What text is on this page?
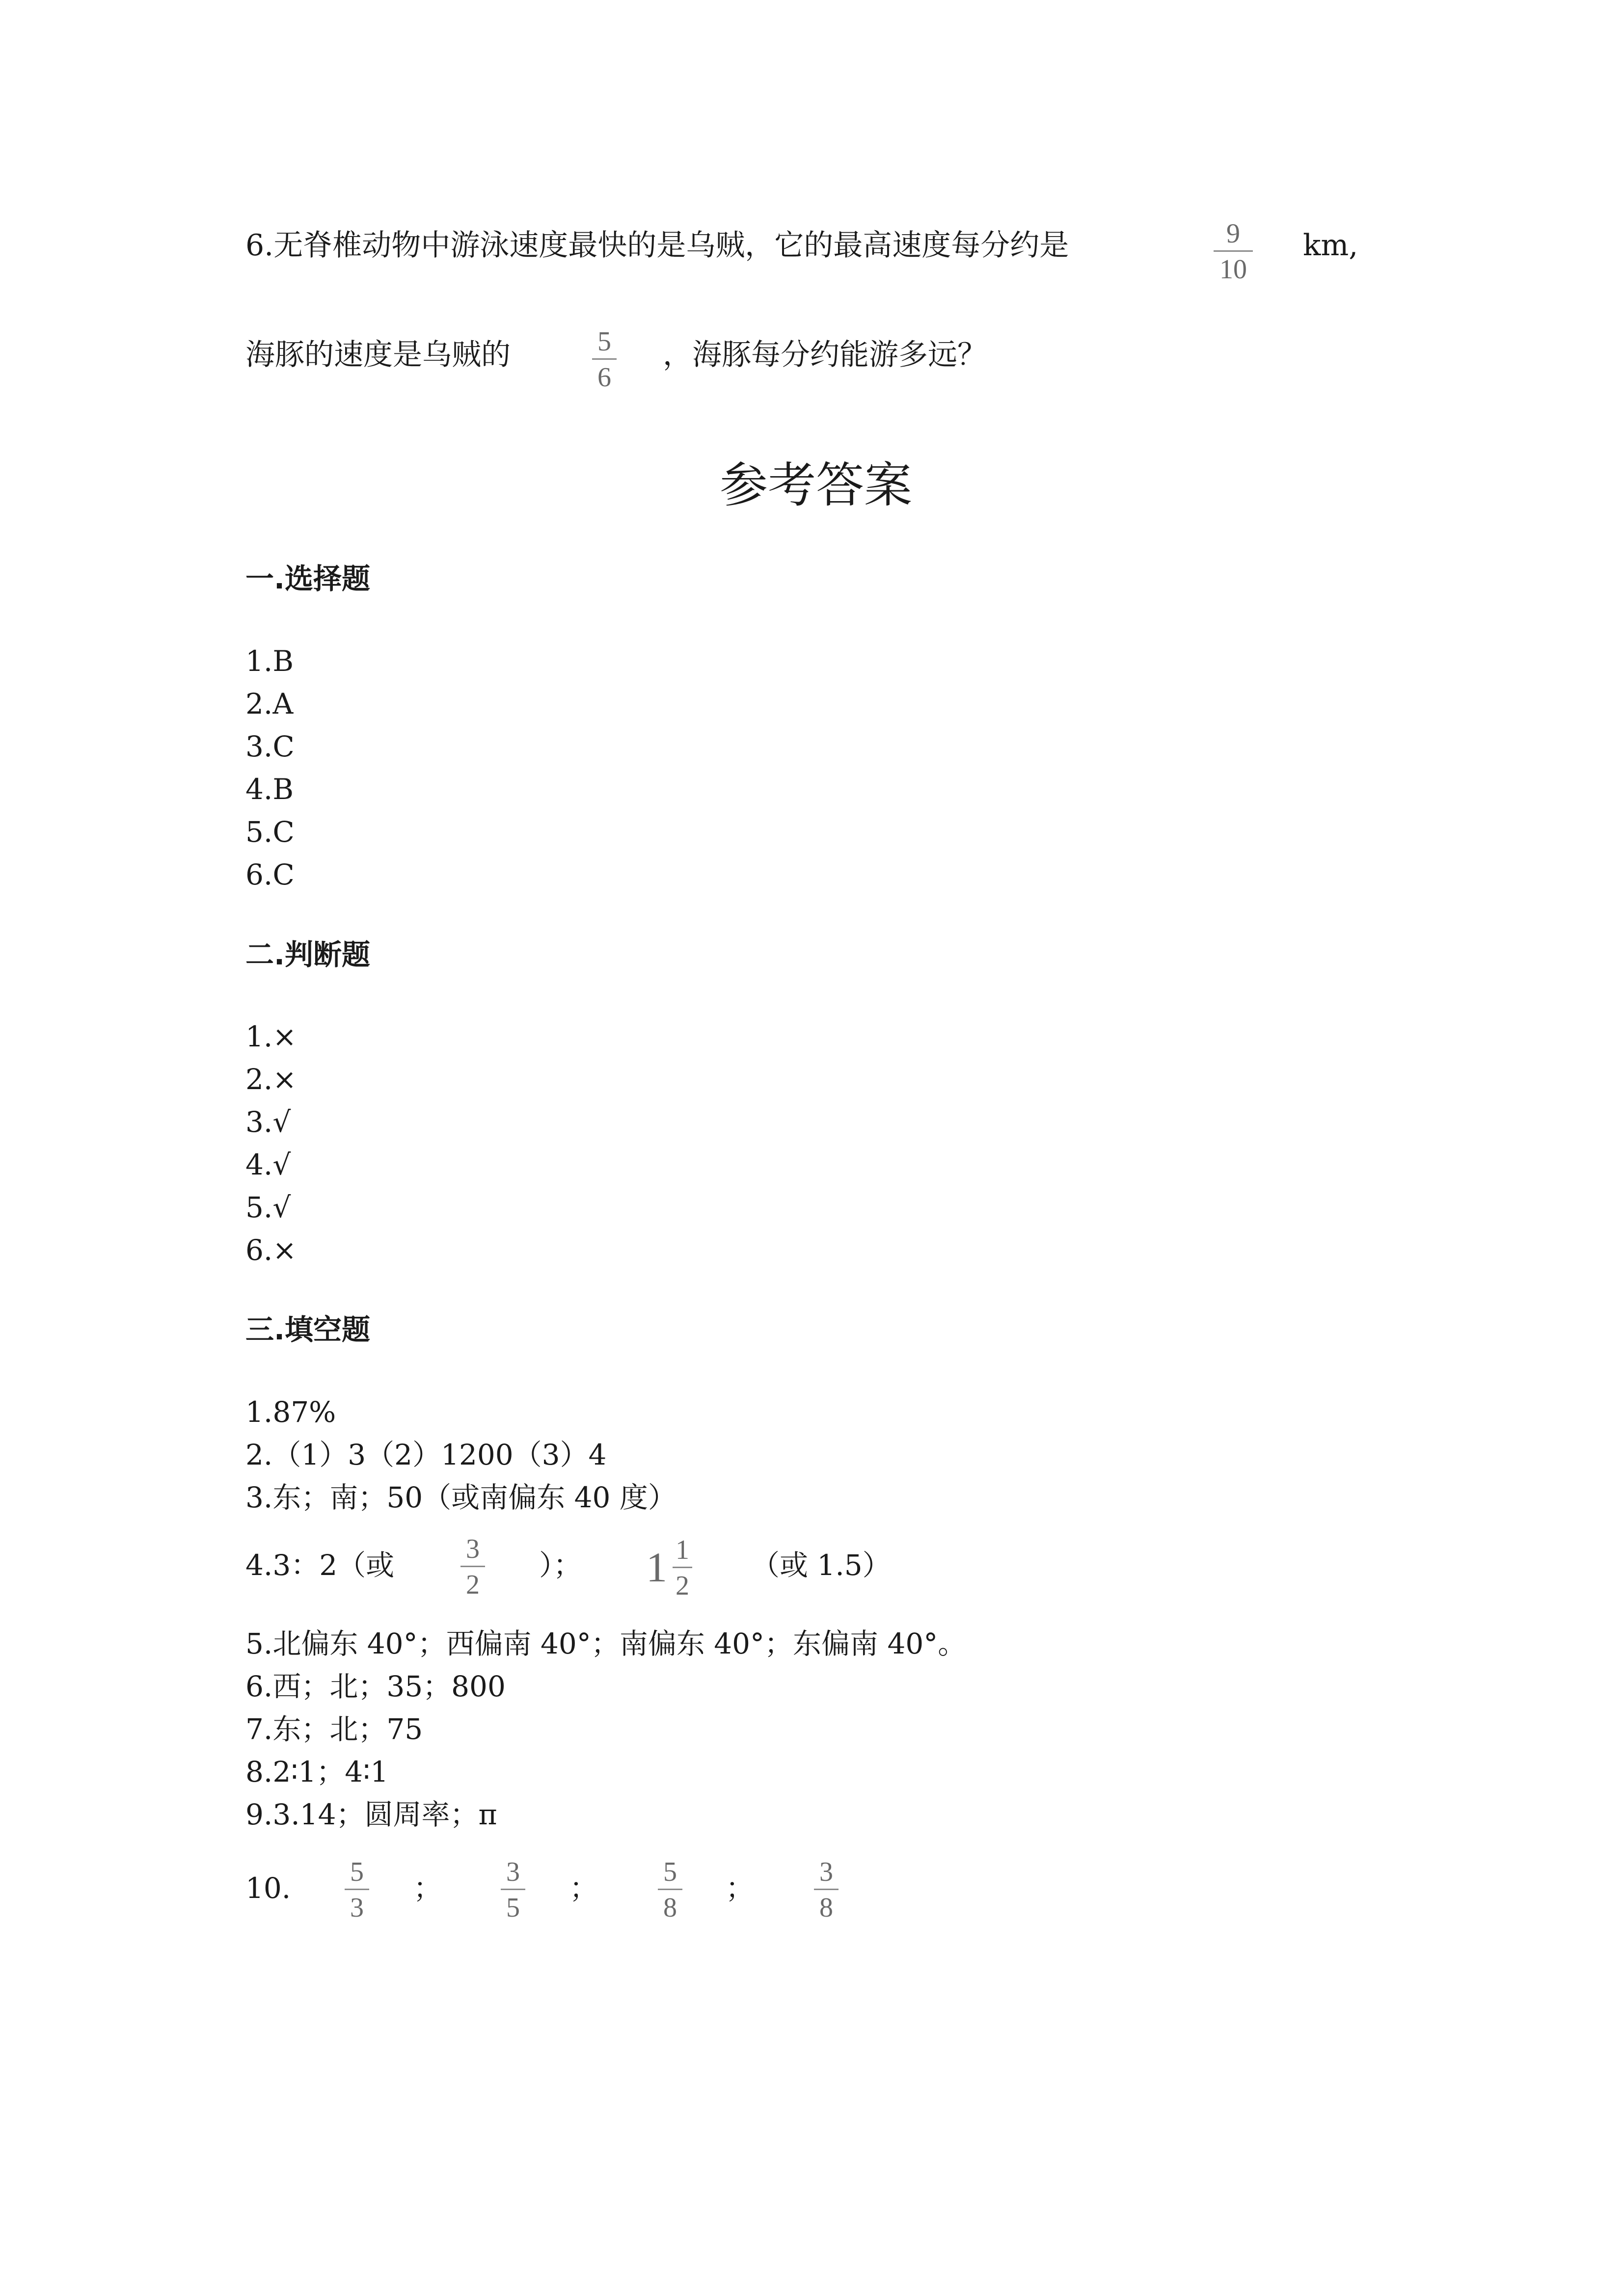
6.无脊椎动物中游泳速度最快的是乌贼，它的最高速度每分约是	9
10
km,
海豚的速度是乌贼的	5
6
，海豚每分约能游多远？
参考答案
一.选择题
1.B
2.A
3.C
4.B
5.C
6.C
二.判断题
1.×
2.×
3.√
4.√
5.√
6.×
三.填空题
1.87%
2.（1）3（2）1200（3）4
3.东；南；50（或南偏东 40 度）
4.3：2（或	3
2
）； 1 1
2
（或 1.5）
5.北偏东 40°；西偏南 40°；南偏东 40°；东偏南 40°。
6.西；北；35；800
7.东；北；75
8.2∶1；4∶1
9.3.14；圆周率；π
10. 5
3
； 3
5
； 5
8
； 3
8
